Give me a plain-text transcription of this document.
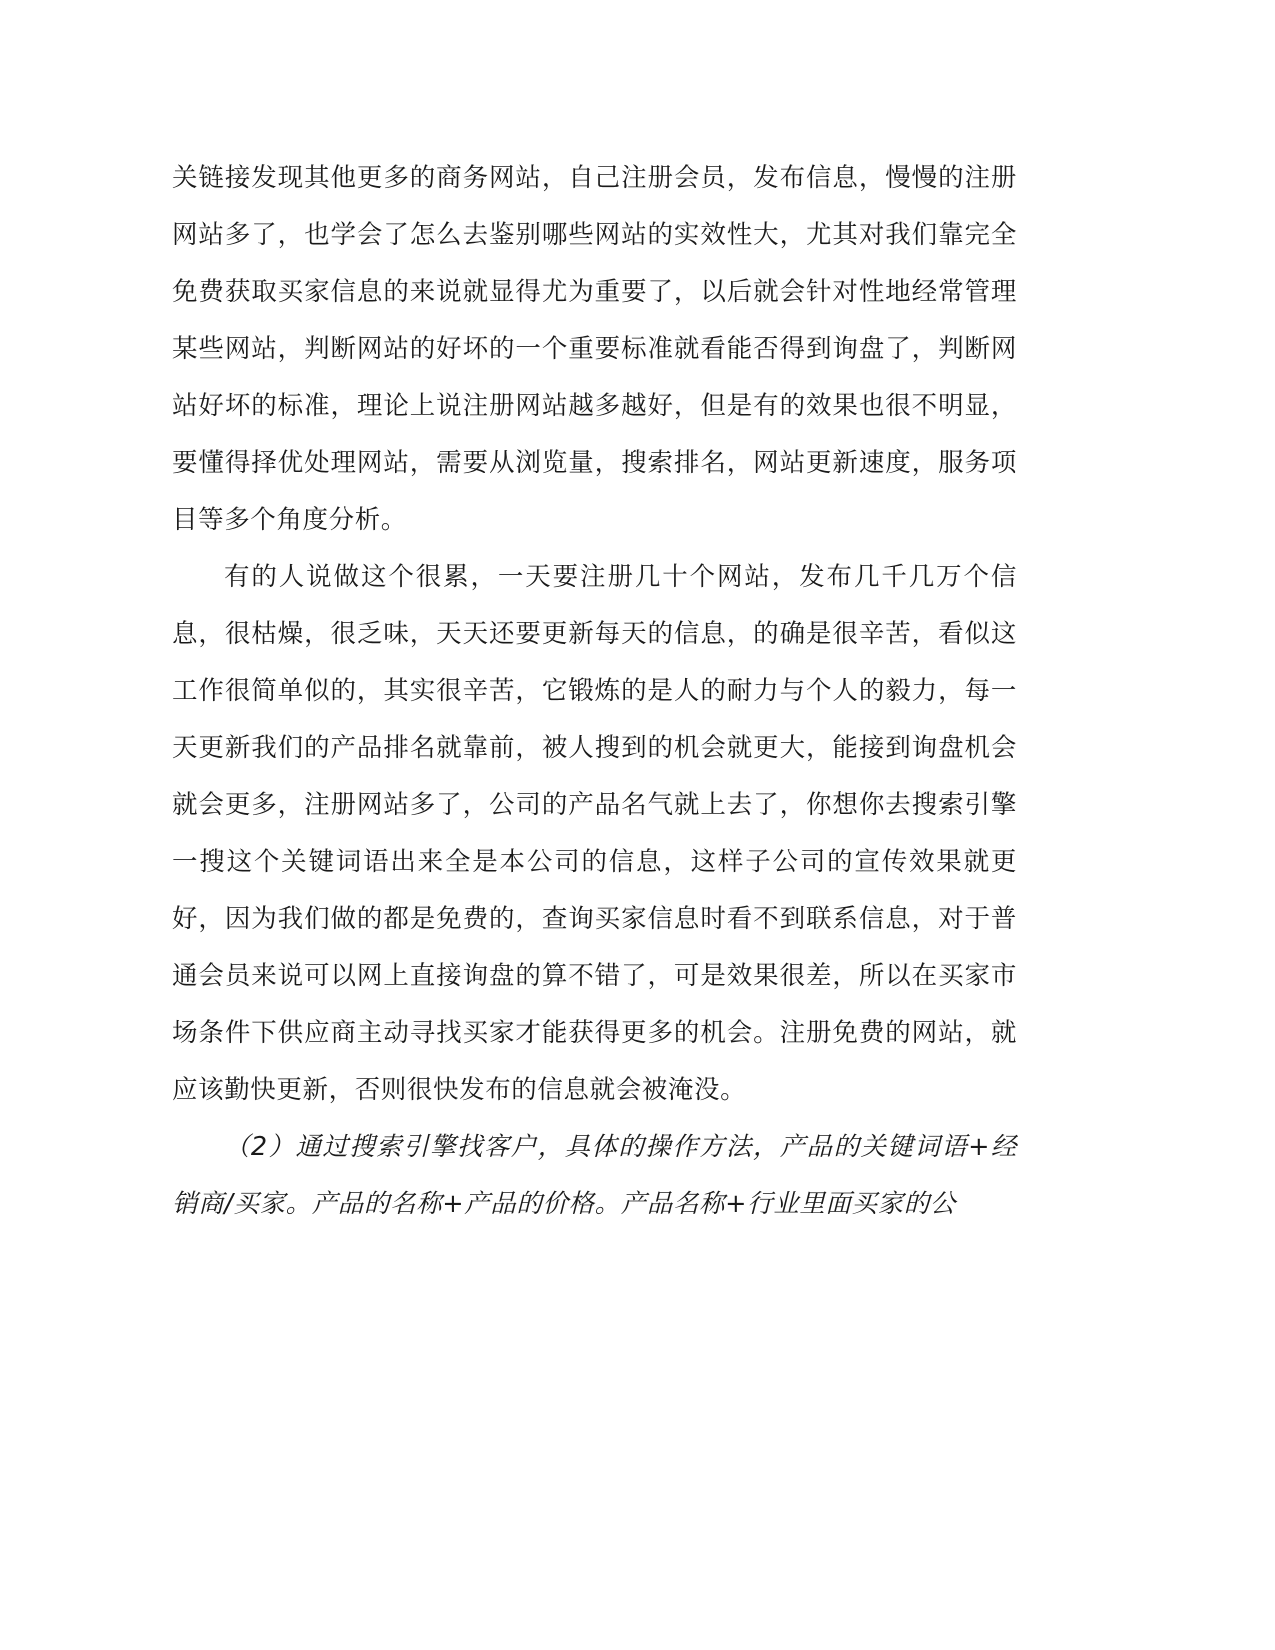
关链接发现其他更多的商务网站，自己注册会员，发布信息，慢慢的注册网站多了，也学会了怎么去鉴别哪些网站的实效性大，尤其对我们靠完全免费获取买家信息的来说就显得尤为重要了，以后就会针对性地经常管理某些网站，判断网站的好坏的一个重要标准就看能否得到询盘了，判断网站好坏的标准，理论上说注册网站越多越好，但是有的效果也很不明显，要懂得择优处理网站，需要从浏览量，搜索排名，网站更新速度，服务项目等多个角度分析。

有的人说做这个很累，一天要注册几十个网站，发布几千几万个信息，很枯燥，很乏味，天天还要更新每天的信息，的确是很辛苦，看似这工作很简单似的，其实很辛苦，它锻炼的是人的耐力与个人的毅力，每一天更新我们的产品排名就靠前，被人搜到的机会就更大，能接到询盘机会就会更多，注册网站多了，公司的产品名气就上去了，你想你去搜索引擎一搜这个关键词语出来全是本公司的信息，这样子公司的宣传效果就更好，因为我们做的都是免费的，查询买家信息时看不到联系信息，对于普通会员来说可以网上直接询盘的算不错了，可是效果很差，所以在买家市场条件下供应商主动寻找买家才能获得更多的机会。注册免费的网站，就应该勤快更新，否则很快发布的信息就会被淹没。

（2）通过搜索引擎找客户，具体的操作方法，产品的关键词语+经销商/买家。产品的名称+产品的价格。产品名称+行业里面买家的公
